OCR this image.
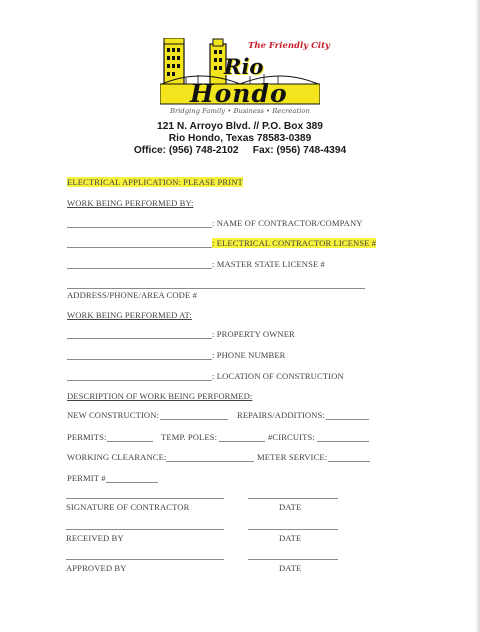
The Friendly City
Rio
Hondo
Bridging Family • Business • Recreation
121 N. Arroyo Blvd. // P.O. Box 389
Rio Hondo, Texas 78583-0389
Office: (956) 748-2102     Fax: (956) 748-4394
ELECTRICAL APPLICATION: PLEASE PRINT
WORK BEING PERFORMED BY:
: NAME OF CONTRACTOR/COMPANY
: ELECTRICAL CONTRACTOR LICENSE #
: MASTER STATE LICENSE #
ADDRESS/PHONE/AREA CODE #
WORK BEING PERFORMED AT:
: PROPERTY OWNER
: PHONE NUMBER
: LOCATION OF CONSTRUCTION
DESCRIPTION OF WORK BEING PERFORMED:
NEW CONSTRUCTION:	REPAIRS/ADDITIONS:
PERMITS:	TEMP. POLES:	#CIRCUITS:
WORKING CLEARANCE:	METER SERVICE:
PERMIT #
SIGNATURE OF CONTRACTOR	DATE
RECEIVED BY	DATE
APPROVED BY	DATE
